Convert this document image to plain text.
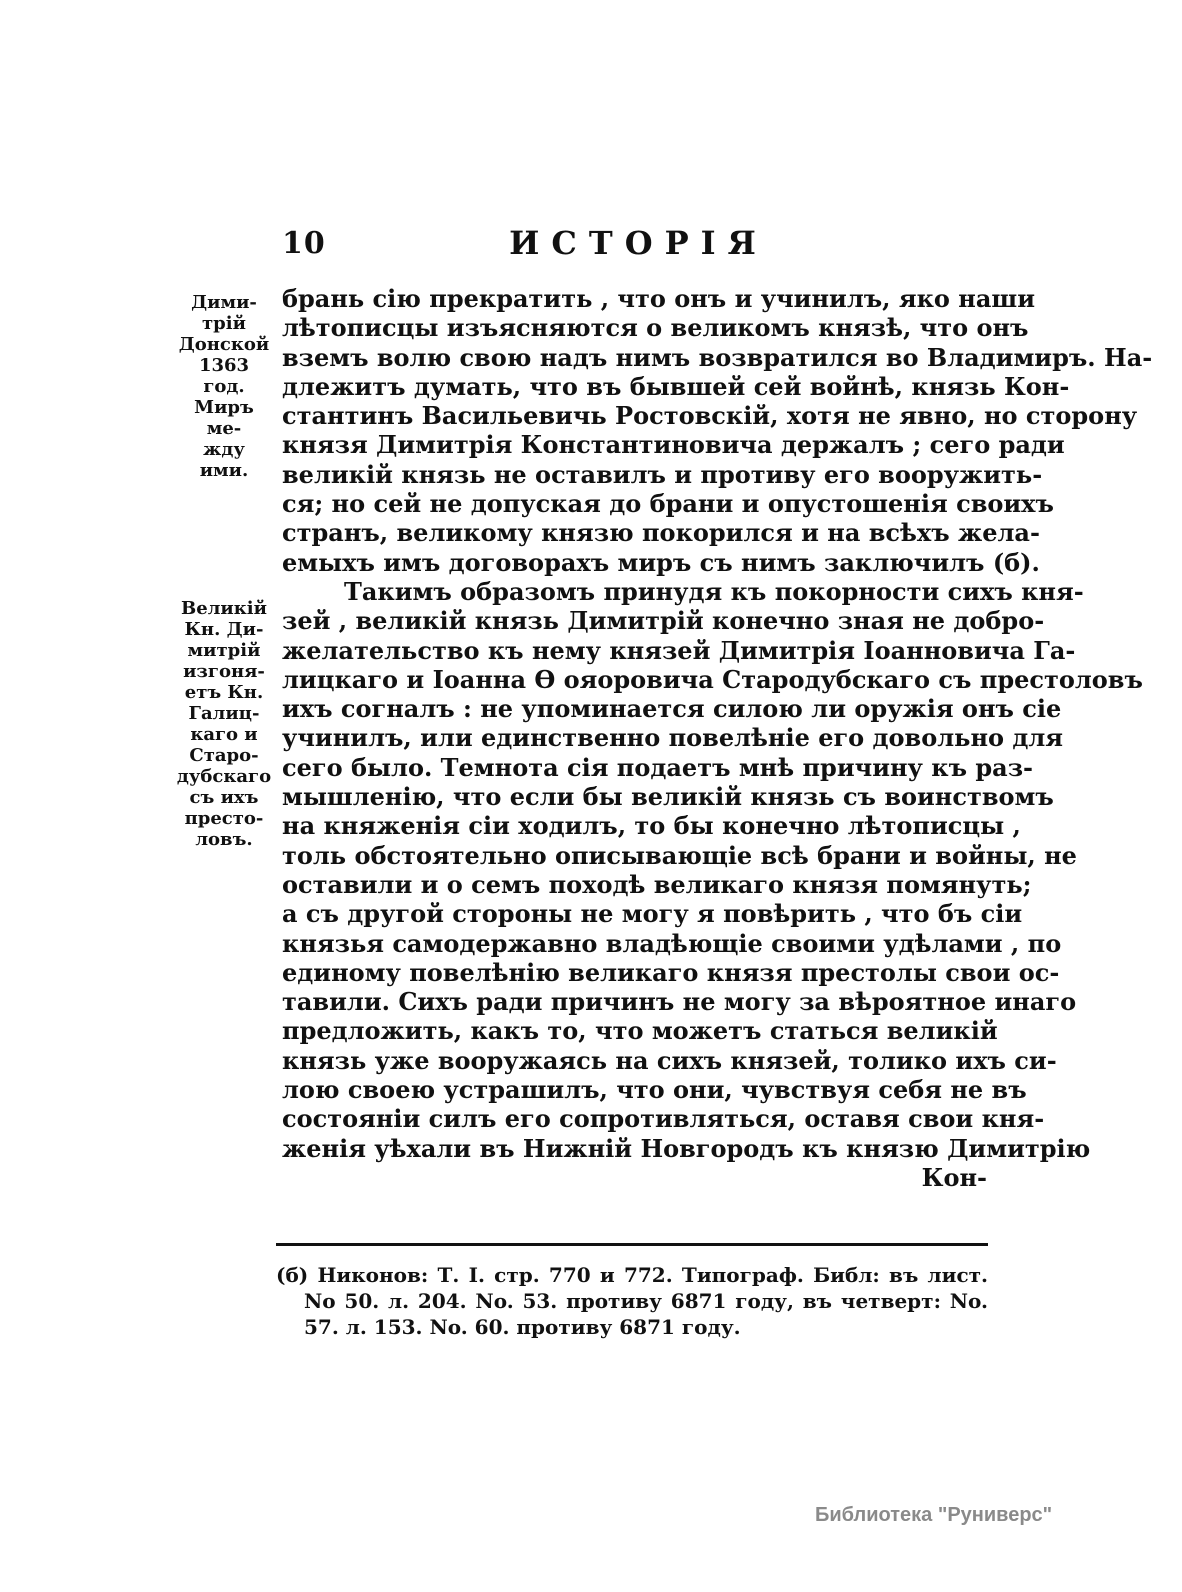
10	ИСТОРІЯ
Дими-
трій
Донской
1363 год.
Миръ ме-
жду ими.
Великій
Кн. Ди-
митрій
изгоня-
етъ Кн.
Галиц-
каго и
Старо-
дубскаго
съ ихъ
престо-
ловъ.
брань сію прекратить , что онъ и учинилъ, яко наши
лѣтописцы изъясняются о великомъ князѣ, что онъ
вземъ волю свою надъ нимъ возвратился во Владимиръ. На-
длежитъ думать, что въ бывшей сей войнѣ, князь Кон-
стантинъ Васильевичь Ростовскій, хотя не явно, но сторону
князя Димитрія Константиновича держалъ ; сего ради
великій князь не оставилъ и противу его вооружить-
ся; но сей не допуская до брани и опустошенія своихъ
странъ, великому князю покорился и на всѣхъ жела-
емыхъ имъ договорахъ миръ съ нимъ заключилъ (б).
Такимъ образомъ принудя къ покорности сихъ кня-
зей , великій князь Димитрій конечно зная не добро-
желательство къ нему князей Димитрія Іоанновича Га-
лицкаго и Іоанна Ѳ ояоровича Стародубскаго съ престоловъ
ихъ согналъ : не упоминается силою ли оружія онъ сіе
учинилъ, или единственно повелѣніе его довольно для
сего было. Темнота сія подаетъ мнѣ причину къ раз-
мышленію, что если бы великій князь съ воинствомъ
на княженія сіи ходилъ, то бы конечно лѣтописцы ,
толь обстоятельно описывающіе всѣ брани и войны, не
оставили и о семъ походѣ великаго князя помянуть;
а съ другой стороны не могу я повѣрить , что бъ сіи
князья самодержавно владѣющіе своими удѣлами , по
единому повелѣнію великаго князя престолы свои ос-
тавили. Сихъ ради причинъ не могу за вѣроятное инаго
предложить, какъ то, что можетъ статься великій
князь уже вооружаясь на сихъ князей, толико ихъ си-
лою своею устрашилъ, что они, чувствуя себя не въ
состояніи силъ его сопротивляться, оставя свои кня-
женія уѣхали въ Нижній Новгородъ къ князю Димитрію
Кон-
(б) Никонов: Т. I. стр. 770 и 772. Типограф. Библ: въ лист.
No 50. л. 204. No. 53. противу 6871 году, въ четверт: No.
57. л. 153. No. 60. противу 6871 году.
Библиотека "Руниверс"
